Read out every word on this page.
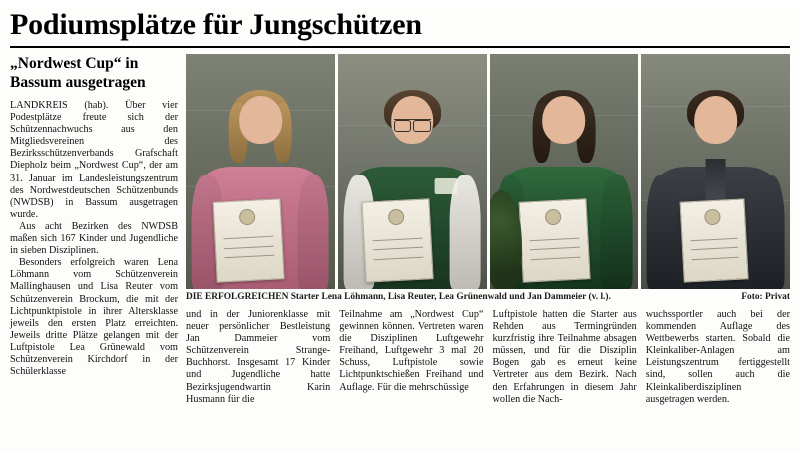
Podiumsplätze für Jungschützen
„Nordwest Cup“ in Bassum ausgetragen

LANDKREIS (hab). Über vier Podestplätze freute sich der Schützennachwuchs aus den Mitgliedsvereinen des Bezirksschützenverbands Grafschaft Diepholz beim „Nordwest Cup“, der am 31. Januar im Landesleistungszentrum des Nordwestdeutschen Schützenbunds (NWDSB) in Bassum ausgetragen wurde.

Aus acht Bezirken des NWDSB maßen sich 167 Kinder und Jugendliche in sieben Disziplinen.

Besonders erfolgreich waren Lena Löhmann vom Schützenverein Mallinghausen und Lisa Reuter vom Schützenverein Brockum, die mit der Lichtpunktpistole in ihrer Altersklasse jeweils den ersten Platz erreichten. Jeweils dritte Plätze gelangen mit der Luftpistole Lea Grünewald vom Schützenverein Kirchdorf in der Schülerklasse

DIE ERFOLGREICHEN Starter Lena Löhmann, Lisa Reuter, Lea Grünenwald und Jan Dammeier (v. l.).	Foto: Privat

und in der Juniorenklasse mit neuer persönlicher Bestleistung Jan Dammeier vom Schützenverein Strange-Buchhorst. Insgesamt 17 Kinder und Jugendliche hatte Bezirksjugendwartin Karin Husmann für die

Teilnahme am „Nordwest Cup“ gewinnen können. Vertreten waren die Disziplinen Luftgewehr Freihand, Luftgewehr 3 mal 20 Schuss, Luftpistole sowie Lichtpunktschießen Freihand und Auflage. Für die mehrschüssige

Luftpistole hatten die Starter aus Rehden aus Termingründen kurzfristig ihre Teilnahme absagen müssen, und für die Disziplin Bogen gab es erneut keine Vertreter aus dem Bezirk. Nach den Erfahrungen in diesem Jahr wollen die Nach-

wuchssportler auch bei der kommenden Auflage des Wettbewerbs starten. Sobald die Kleinkaliber-Anlagen am Leistungszentrum fertiggestellt sind, sollen auch die Kleinkaliberdisziplinen ausgetragen werden.
